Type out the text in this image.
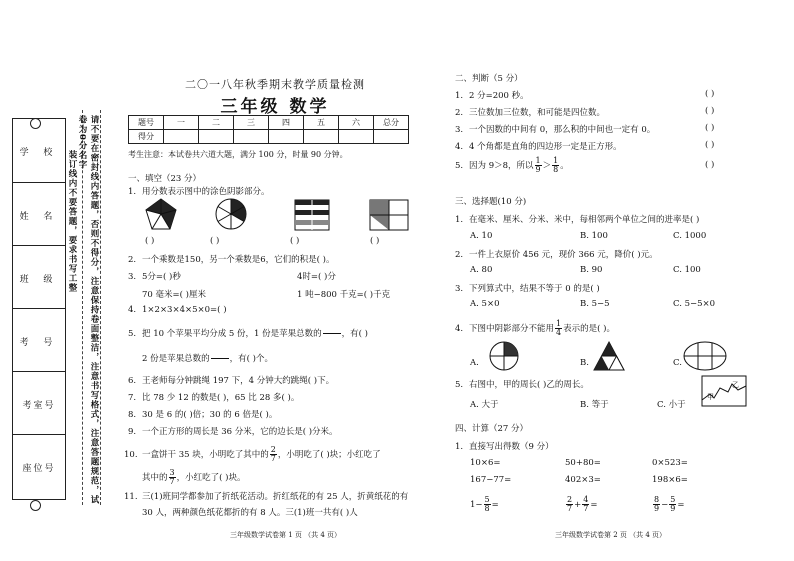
学 校
姓 名
班 级
考 号
考室号
座位号
装订线内不要答题，要求书写工整	请不要在密封线内答题，否则不得分，注意保持卷面整洁，注意书写格式，注意答题规范，试卷为0分名字
二〇一八年秋季期末教学质量检测
三年级 数学
题号	一	二	三	四	五	六	总分
得分							
考生注意：本试卷共六道大题，满分 100 分，时量 90 分钟。
一、填空（23 分）
1. 用分数表示图中的涂色阴影部分。
( )	( )	( )	( )
2. 一个乘数是150，另一个乘数是6，它们的积是( )。
3. 5分=( )秒	4时=( )分
70 毫米=( )厘米	1 吨−800 千克=( )千克
4. 1×2×3×4×5×0=( )
5. 把 10 个苹果平均分成 5 份，1 份是苹果总数的

，有( )
2 份是苹果总数的

，有( )个。
6. 王老师每分钟跳绳 197 下，4 分钟大约跳绳( )下。
7. 比 78 少 12 的数是( )，65 比 28 多( )。
8. 30 是 6 的( )倍；30 的 6 倍是( )。
9. 一个正方形的周长是 36 分米，它的边长是( )分米。
10. 一盒饼干 35 块，小明吃了其中的 $\frac{2}{7}$ ，小明吃了( )块；小红吃了
其中的 $\frac{3}{7}$ ，小红吃了( )块。
11. 三(1)班同学都参加了折纸花活动。折红纸花的有 25 人，折黄纸花的有
30 人，两种颜色纸花都折的有 8 人。三(1)班一共有( )人
三年级数学试卷第 1 页 （共 4 页）
二、判断（5 分）
1. 2 分=200 秒。
2. 三位数加三位数，和可能是四位数。
3. 一个因数的中间有 0，那么积的中间也一定有 0。
4. 4 个角都是直角的四边形一定是正方形。
5. 因为 9＞8，所以 $\frac{1}{9} > \frac{1}{8}$ 。
( )
( )
( )
( )
( )
三、选择题(10 分)
1. 在毫米、厘米、分米、米中，每相邻两个单位之间的进率是( )
A. 10	B. 100	C. 1000
2. 一件上衣原价 456 元，现价 366 元，降价( )元。
A. 80	B. 90	C. 100
3. 下列算式中，结果不等于 0 的是( )
A. 5×0	B. 5−5	C. 5−5×0
4. 下图中阴影部分不能用 $\frac{1}{4}$ 表示的是( )。
A.	B.	C.
5. 右图中，甲的周长( )乙的周长。
A. 大于	B. 等于	C. 小于
甲
乙
四、计算（27 分）
1. 直接写出得数（9 分）
10×6=	50+80=	0×523=
167−77=	402×3=	198×6=
$1- \frac{5}{8}$ =	$\frac{2}{7} + \frac{4}{7}$ =	$\frac{8}{9} - \frac{5}{9}$ =
三年级数学试卷第 2 页 （共 4 页）
